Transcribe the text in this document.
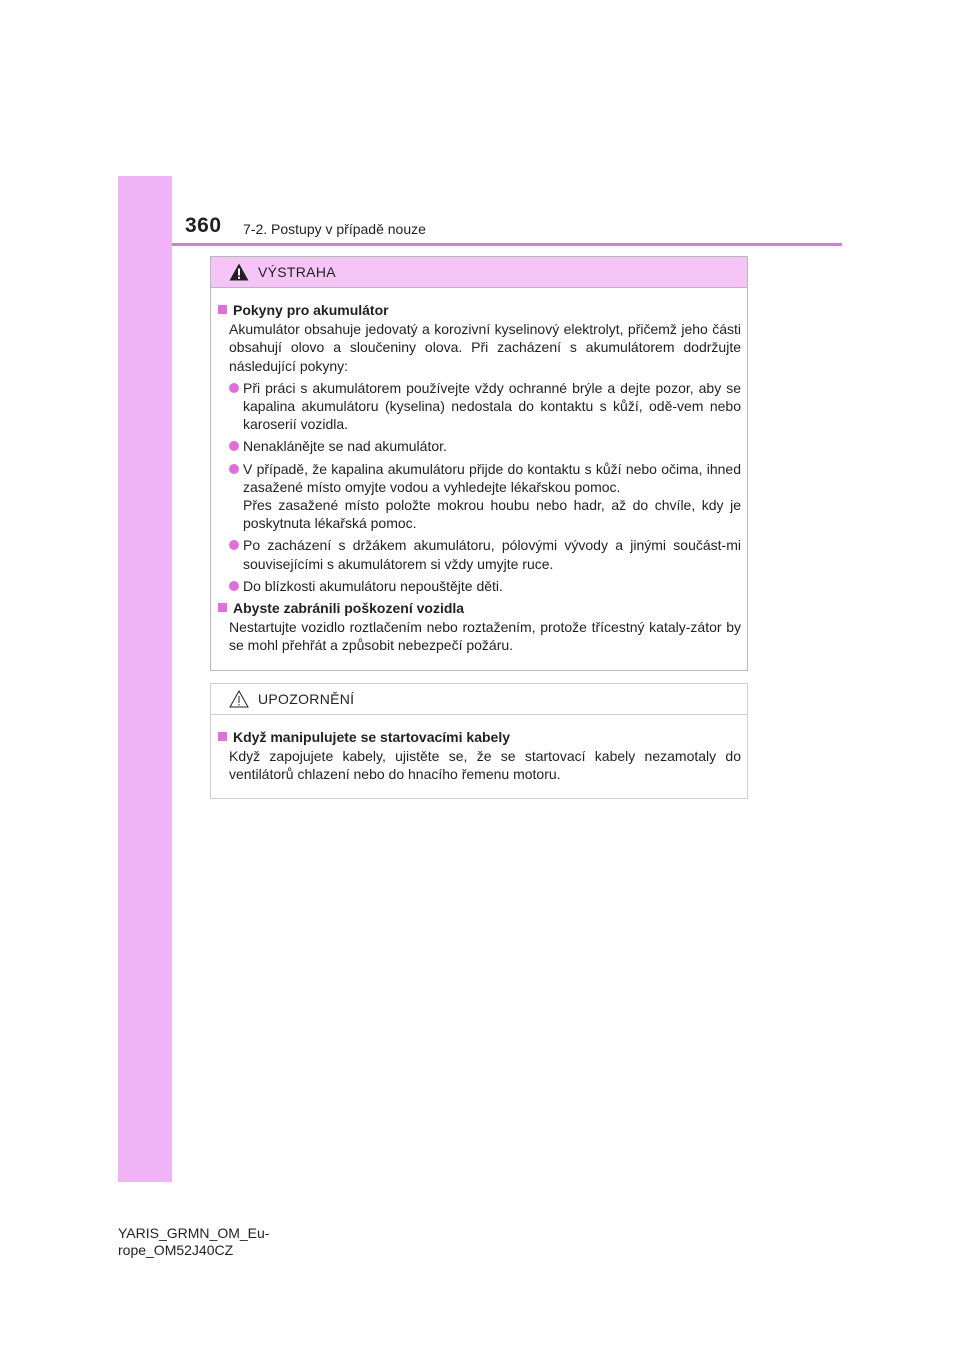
360 7-2. Postupy v případě nouze
VÝSTRAHA
Pokyny pro akumulátor
Akumulátor obsahuje jedovatý a korozivní kyselinový elektrolyt, přičemž jeho části obsahují olovo a sloučeniny olova. Při zacházení s akumulátorem dodržujte následující pokyny:

Při práci s akumulátorem používejte vždy ochranné brýle a dejte pozor, aby se kapalina akumulátoru (kyselina) nedostala do kontaktu s kůží, odě-vem nebo karoserií vozidla.

Nenaklánějte se nad akumulátor.

V případě, že kapalina akumulátoru přijde do kontaktu s kůží nebo očima, ihned zasažené místo omyjte vodou a vyhledejte lékařskou pomoc.

Přes zasažené místo položte mokrou houbu nebo hadr, až do chvíle, kdy je poskytnuta lékařská pomoc.

Po zacházení s držákem akumulátoru, pólovými vývody a jinými součást-mi souvisejícími s akumulátorem si vždy umyjte ruce.

Do blízkosti akumulátoru nepouštějte děti.

Abyste zabránili poškození vozidla
Nestartujte vozidlo roztlačením nebo roztažením, protože třícestný kataly-zátor by se mohl přehřát a způsobit nebezpečí požáru.
UPOZORNĚNÍ
Když manipulujete se startovacími kabely
Když zapojujete kabely, ujistěte se, že se startovací kabely nezamotaly do ventilátorů chlazení nebo do hnacího řemenu motoru.
YARIS_GRMN_OM_Eu-
rope_OM52J40CZ
